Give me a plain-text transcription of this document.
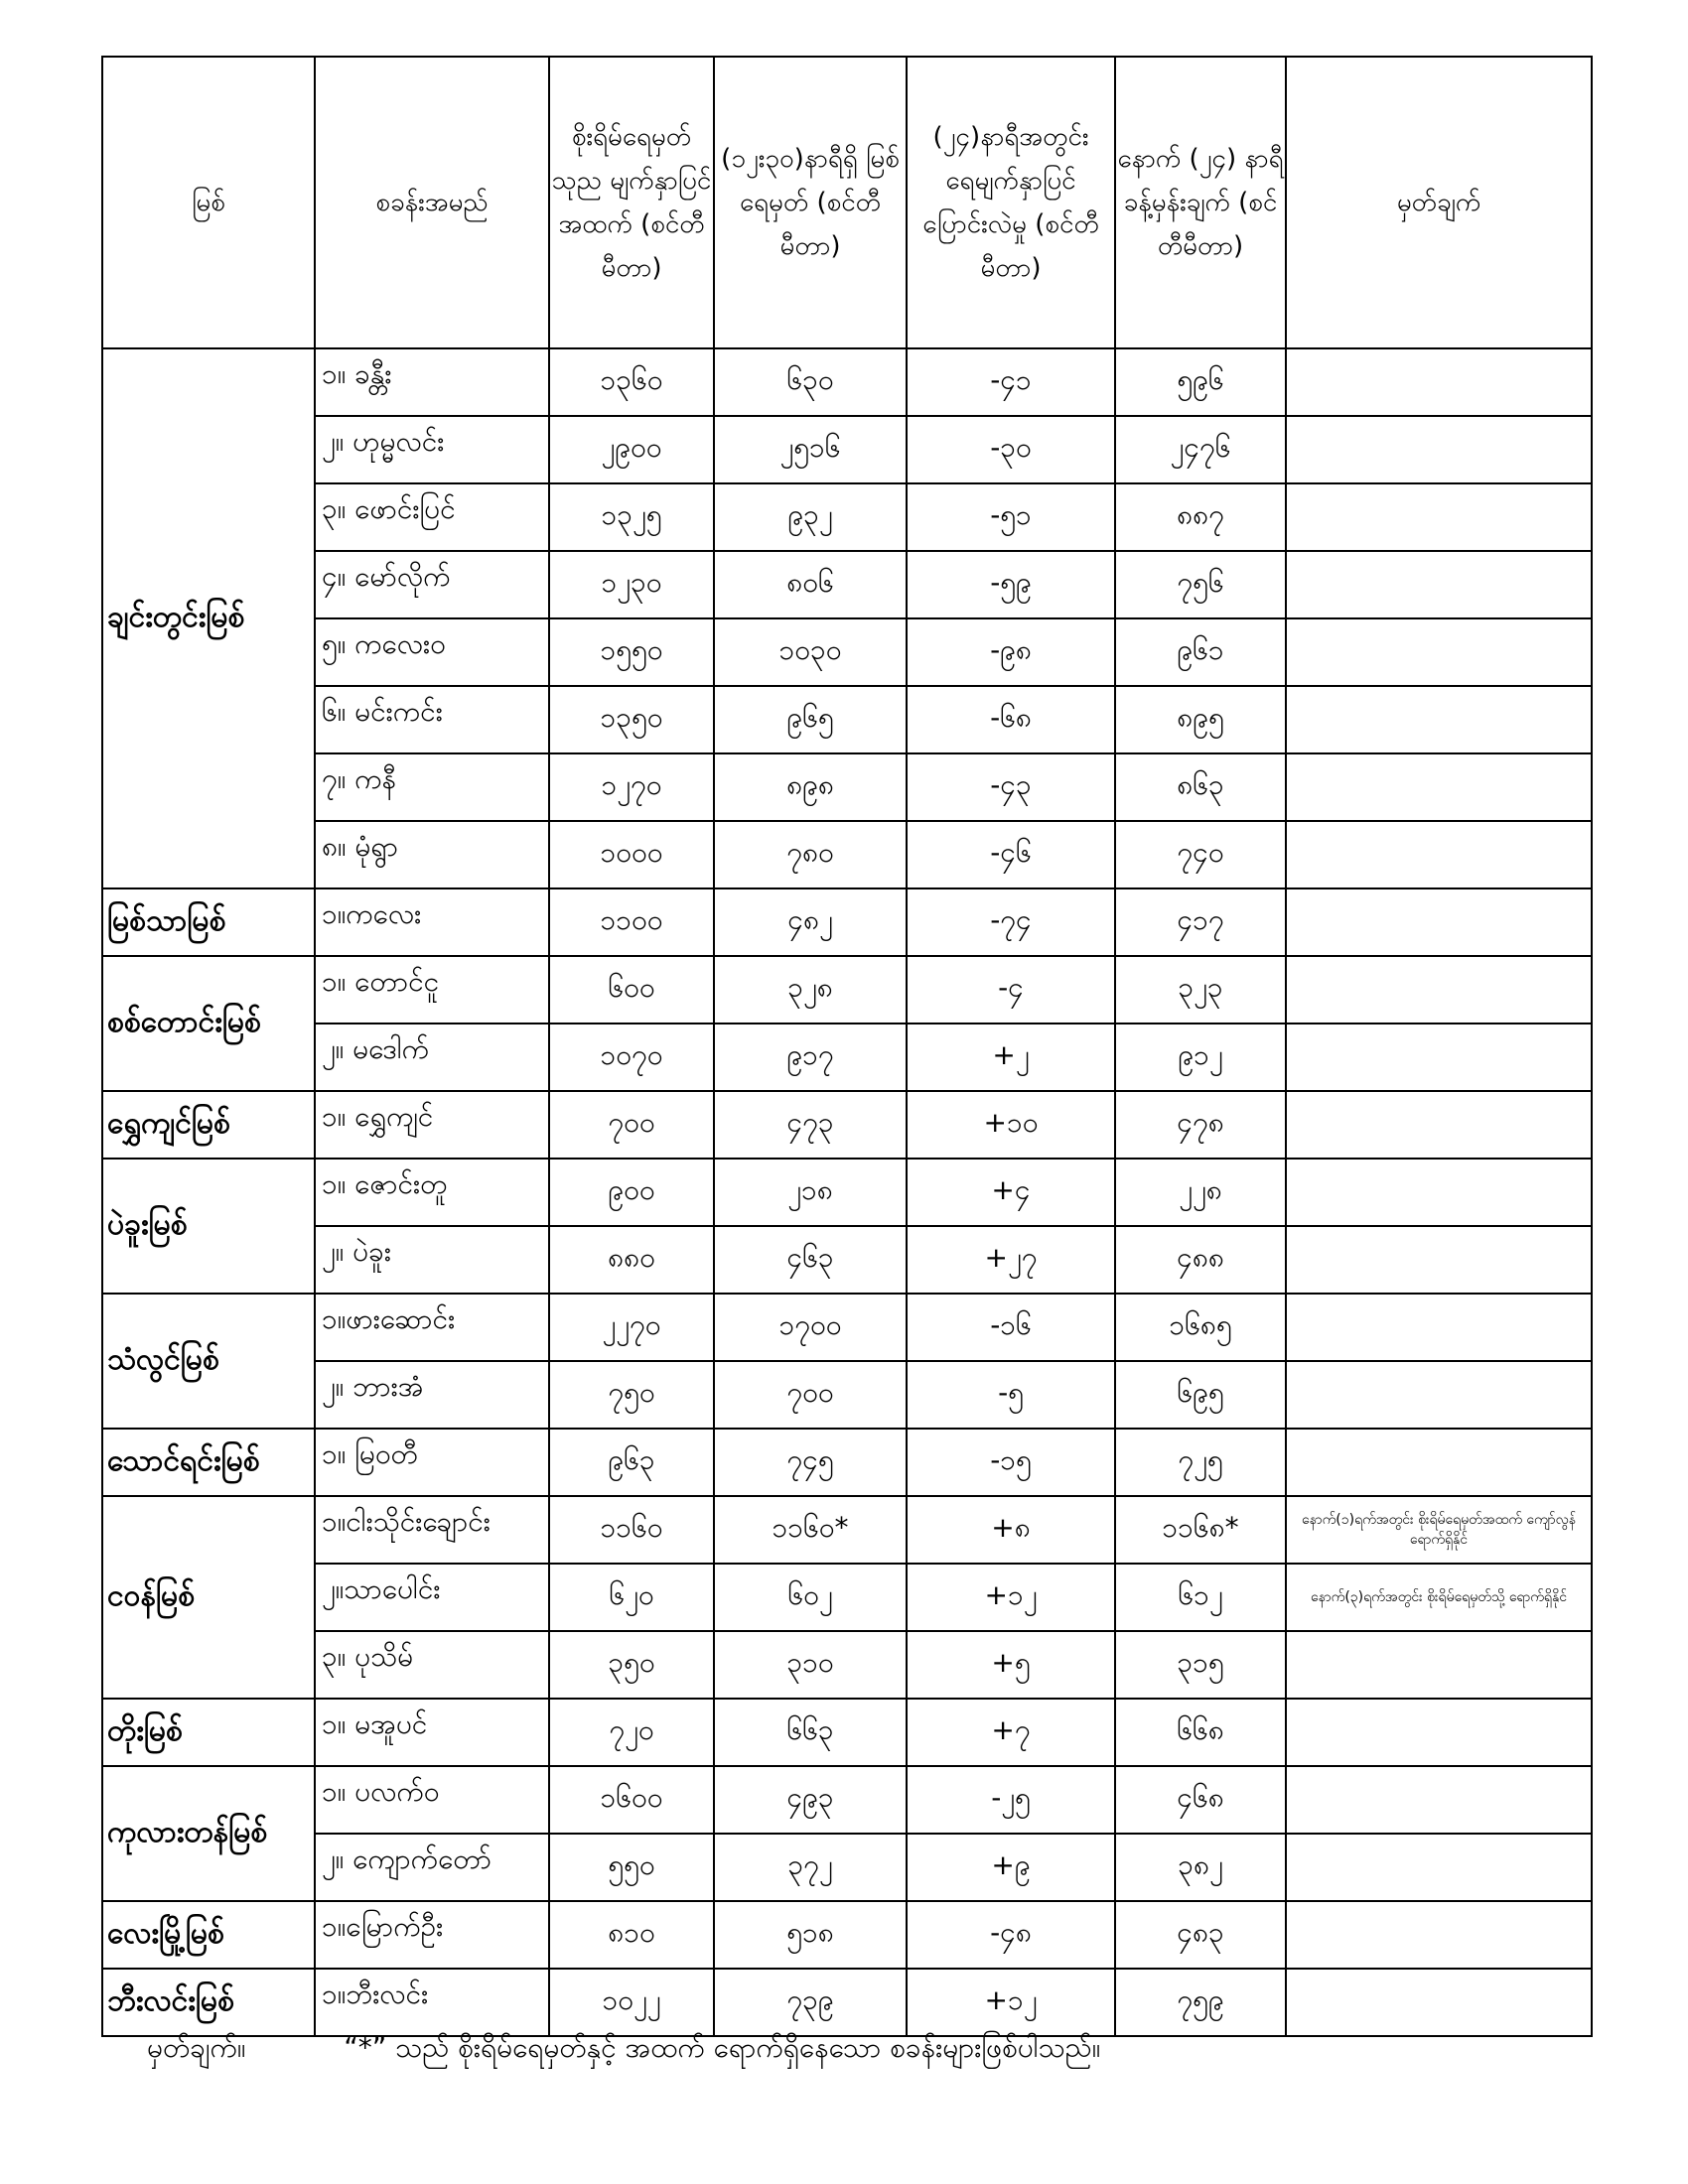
မြစ်	စခန်းအမည်	စိုးရိမ်ရေမှတ် သုည မျက်နှာပြင် အထက် (စင်တီမီတာ)	(၁၂း၃၀)နာရီရှိ မြစ်ရေမှတ် (စင်တီမီတာ)	(၂၄)နာရီအတွင်း ရေမျက်နှာပြင် ပြောင်းလဲမှု (စင်တီမီတာ)	နောက် (၂၄) နာရီ ခန့်မှန်းချက် (စင်တီမီတာ)	မှတ်ချက်
ချင်းတွင်းမြစ်	၁။ ခန္တီး	၁၃၆၀	၆၃၀	-၄၁	၅၉၆	
	၂။ ဟုမ္မလင်း	၂၉၀၀	၂၅၁၆	-၃၀	၂၄၇၆	
	၃။ ဖောင်းပြင်	၁၃၂၅	၉၃၂	-၅၁	၈၈၇	
	၄။ မော်လိုက်	၁၂၃၀	၈၀၆	-၅၉	၇၅၆	
	၅။ ကလေးဝ	၁၅၅၀	၁၀၃၀	-၉၈	၉၆၁	
	၆။ မင်းကင်း	၁၃၅၀	၉၆၅	-၆၈	၈၉၅	
	၇။ ကနီ	၁၂၇၀	၈၉၈	-၄၃	၈၆၃	
	၈။ မုံရွာ	၁၀၀၀	၇၈၀	-၄၆	၇၄၀	
မြစ်သာမြစ်	၁။ကလေး	၁၁၀၀	၄၈၂	-၇၄	၄၁၇	
စစ်တောင်းမြစ်	၁။ တောင်ငူ	၆၀၀	၃၂၈	-၄	၃၂၃	
	၂။ မဒေါက်	၁၀၇၀	၉၁၇	+၂	၉၁၂	
ရွှေကျင်မြစ်	၁။ ရွှေကျင်	၇၀၀	၄၇၃	+၁၀	၄၇၈	
ပဲခူးမြစ်	၁။ ဇောင်းတူ	၉၀၀	၂၁၈	+၄	၂၂၈	
	၂။ ပဲခူး	၈၈၀	၄၆၃	+၂၇	၄၈၈	
သံလွင်မြစ်	၁။ဖားဆောင်း	၂၂၇၀	၁၇၀၀	-၁၆	၁၆၈၅	
	၂။ ဘားအံ	၇၅၀	၇၀၀	-၅	၆၉၅	
သောင်ရင်းမြစ်	၁။ မြဝတီ	၉၆၃	၇၄၅	-၁၅	၇၂၅	
ငဝန်မြစ်	၁။ငါးသိုင်းချောင်း	၁၁၆၀	၁၁၆၀*	+၈	၁၁၆၈*	နောက်(၁)ရက်အတွင်း စိုးရိမ်ရေမှတ်အထက် ကျော်လွန်ရောက်ရှိနိုင်
	၂။သာပေါင်း	၆၂၀	၆၀၂	+၁၂	၆၁၂	နောက်(၃)ရက်အတွင်း စိုးရိမ်ရေမှတ်သို့ ရောက်ရှိနိုင်
	၃။ ပုသိမ်	၃၅၀	၃၁၀	+၅	၃၁၅	
တိုးမြစ်	၁။ မအူပင်	၇၂၀	၆၆၃	+၇	၆၆၈	
ကုလားတန်မြစ်	၁။ ပလက်ဝ	၁၆၀၀	၄၉၃	-၂၅	၄၆၈	
	၂။ ကျောက်တော်	၅၅၀	၃၇၂	+၉	၃၈၂	
လေးမြို့မြစ်	၁။မြောက်ဦး	၈၁၀	၅၁၈	-၄၈	၄၈၃	
ဘီးလင်းမြစ်	၁။ဘီးလင်း	၁၀၂၂	၇၃၉	+၁၂	၇၅၉	
မှတ်ချက်။	“*” သည် စိုးရိမ်ရေမှတ်နှင့် အထက် ရောက်ရှိနေသော စခန်းများဖြစ်ပါသည်။
